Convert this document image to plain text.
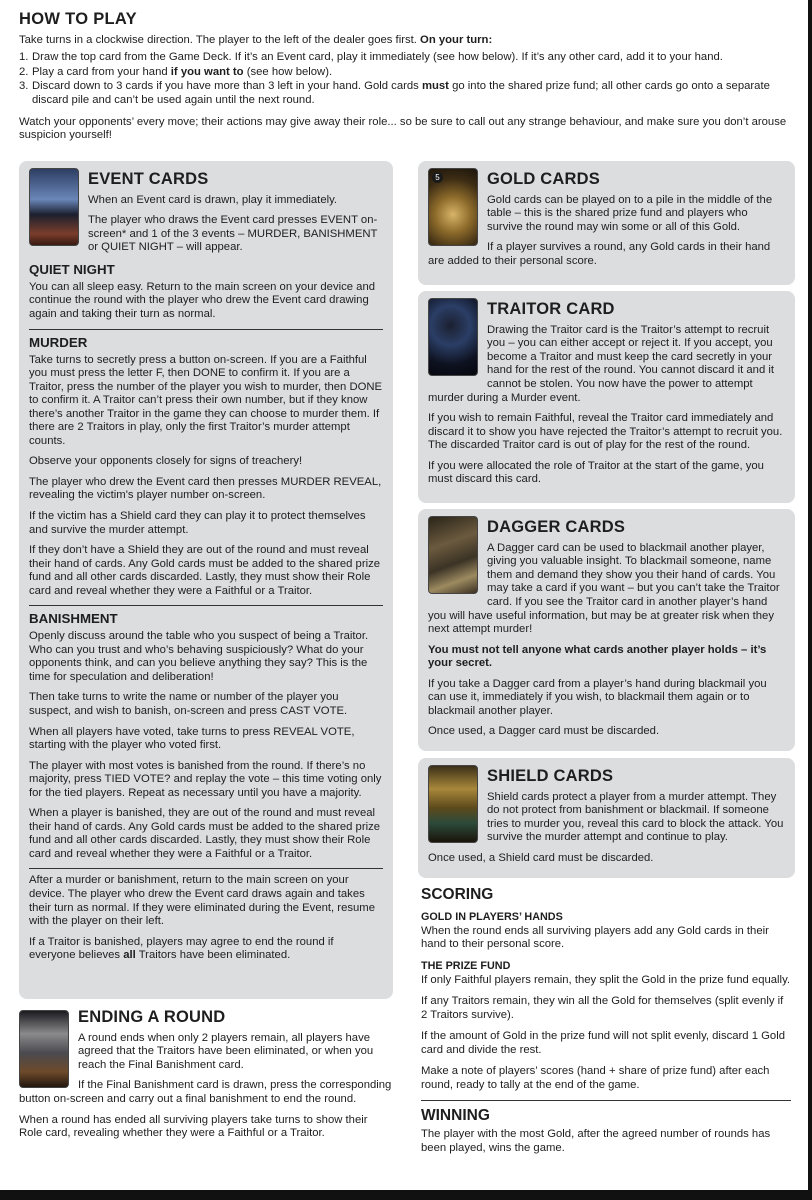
HOW TO PLAY

Take turns in a clockwise direction. The player to the left of the dealer goes first. On your turn:

1. Draw the top card from the Game Deck. If it’s an Event card, play it immediately (see how below). If it’s any other card, add it to your hand.
2. Play a card from your hand if you want to (see how below).
3. Discard down to 3 cards if you have more than 3 left in your hand. Gold cards must go into the shared prize fund; all other cards go onto a separate discard pile and can’t be used again until the next round.

Watch your opponents’ every move; their actions may give away their role... so be sure to call out any strange behaviour, and make sure you don’t arouse suspicion yourself!

EVENT CARDS

When an Event card is drawn, play it immediately.

The player who draws the Event card presses EVENT on-screen* and 1 of the 3 events – MURDER, BANISHMENT or QUIET NIGHT – will appear.

QUIET NIGHT

You can all sleep easy. Return to the main screen on your device and continue the round with the player who drew the Event card drawing again and taking their turn as normal.

MURDER

Take turns to secretly press a button on-screen. If you are a Faithful you must press the letter F, then DONE to confirm it. If you are a Traitor, press the number of the player you wish to murder, then DONE to confirm it. A Traitor can’t press their own number, but if they know there’s another Traitor in the game they can choose to murder them. If there are 2 Traitors in play, only the first Traitor’s murder attempt counts.

Observe your opponents closely for signs of treachery!

The player who drew the Event card then presses MURDER REVEAL, revealing the victim's player number on-screen.

If the victim has a Shield card they can play it to protect themselves and survive the murder attempt.

If they don’t have a Shield they are out of the round and must reveal their hand of cards. Any Gold cards must be added to the shared prize fund and all other cards discarded. Lastly, they must show their Role card and reveal whether they were a Faithful or a Traitor.

BANISHMENT

Openly discuss around the table who you suspect of being a Traitor. Who can you trust and who’s behaving suspiciously? What do your opponents think, and can you believe anything they say? This is the time for speculation and deliberation!

Then take turns to write the name or number of the player you suspect, and wish to banish, on-screen and press CAST VOTE.

When all players have voted, take turns to press REVEAL VOTE, starting with the player who voted first.

The player with most votes is banished from the round. If there’s no majority, press TIED VOTE? and replay the vote – this time voting only for the tied players. Repeat as necessary until you have a majority.

When a player is banished, they are out of the round and must reveal their hand of cards. Any Gold cards must be added to the shared prize fund and all other cards discarded. Lastly, they must show their Role card and reveal whether they were a Faithful or a Traitor.

After a murder or banishment, return to the main screen on your device. The player who drew the Event card draws again and takes their turn as normal. If they were eliminated during the Event, resume with the player on their left.

If a Traitor is banished, players may agree to end the round if everyone believes all Traitors have been eliminated.

ENDING A ROUND

A round ends when only 2 players remain, all players have agreed that the Traitors have been eliminated, or when you reach the Final Banishment card.

If the Final Banishment card is drawn, press the corresponding button on-screen and carry out a final banishment to end the round.

When a round has ended all surviving players take turns to show their Role card, revealing whether they were a Faithful or a Traitor.

5	GOLD CARDS

Gold cards can be played on to a pile in the middle of the table – this is the shared prize fund and players who survive the round may win some or all of this Gold.

If a player survives a round, any Gold cards in their hand are added to their personal score.

TRAITOR CARD

Drawing the Traitor card is the Traitor’s attempt to recruit you – you can either accept or reject it. If you accept, you become a Traitor and must keep the card secretly in your hand for the rest of the round. You cannot discard it and it cannot be stolen. You now have the power to attempt murder during a Murder event.

If you wish to remain Faithful, reveal the Traitor card immediately and discard it to show you have rejected the Traitor’s attempt to recruit you. The discarded Traitor card is out of play for the rest of the round.

If you were allocated the role of Traitor at the start of the game, you must discard this card.

DAGGER CARDS

A Dagger card can be used to blackmail another player, giving you valuable insight. To blackmail someone, name them and demand they show you their hand of cards. You may take a card if you want – but you can’t take the Traitor card. If you see the Traitor card in another player’s hand you will have useful information, but may be at greater risk when they next attempt murder!

You must not tell anyone what cards another player holds – it’s your secret.

If you take a Dagger card from a player’s hand during blackmail you can use it, immediately if you wish, to blackmail them again or to blackmail another player.

Once used, a Dagger card must be discarded.

SHIELD CARDS

Shield cards protect a player from a murder attempt. They do not protect from banishment or blackmail. If someone tries to murder you, reveal this card to block the attack. You survive the murder attempt and continue to play.

Once used, a Shield card must be discarded.

SCORING
GOLD IN PLAYERS’ HANDS

When the round ends all surviving players add any Gold cards in their hand to their personal score.

THE PRIZE FUND

If only Faithful players remain, they split the Gold in the prize fund equally.

If any Traitors remain, they win all the Gold for themselves (split evenly if 2 Traitors survive).

If the amount of Gold in the prize fund will not split evenly, discard 1 Gold card and divide the rest.

Make a note of players’ scores (hand + share of prize fund) after each round, ready to tally at the end of the game.

WINNING

The player with the most Gold, after the agreed number of rounds has been played, wins the game.
